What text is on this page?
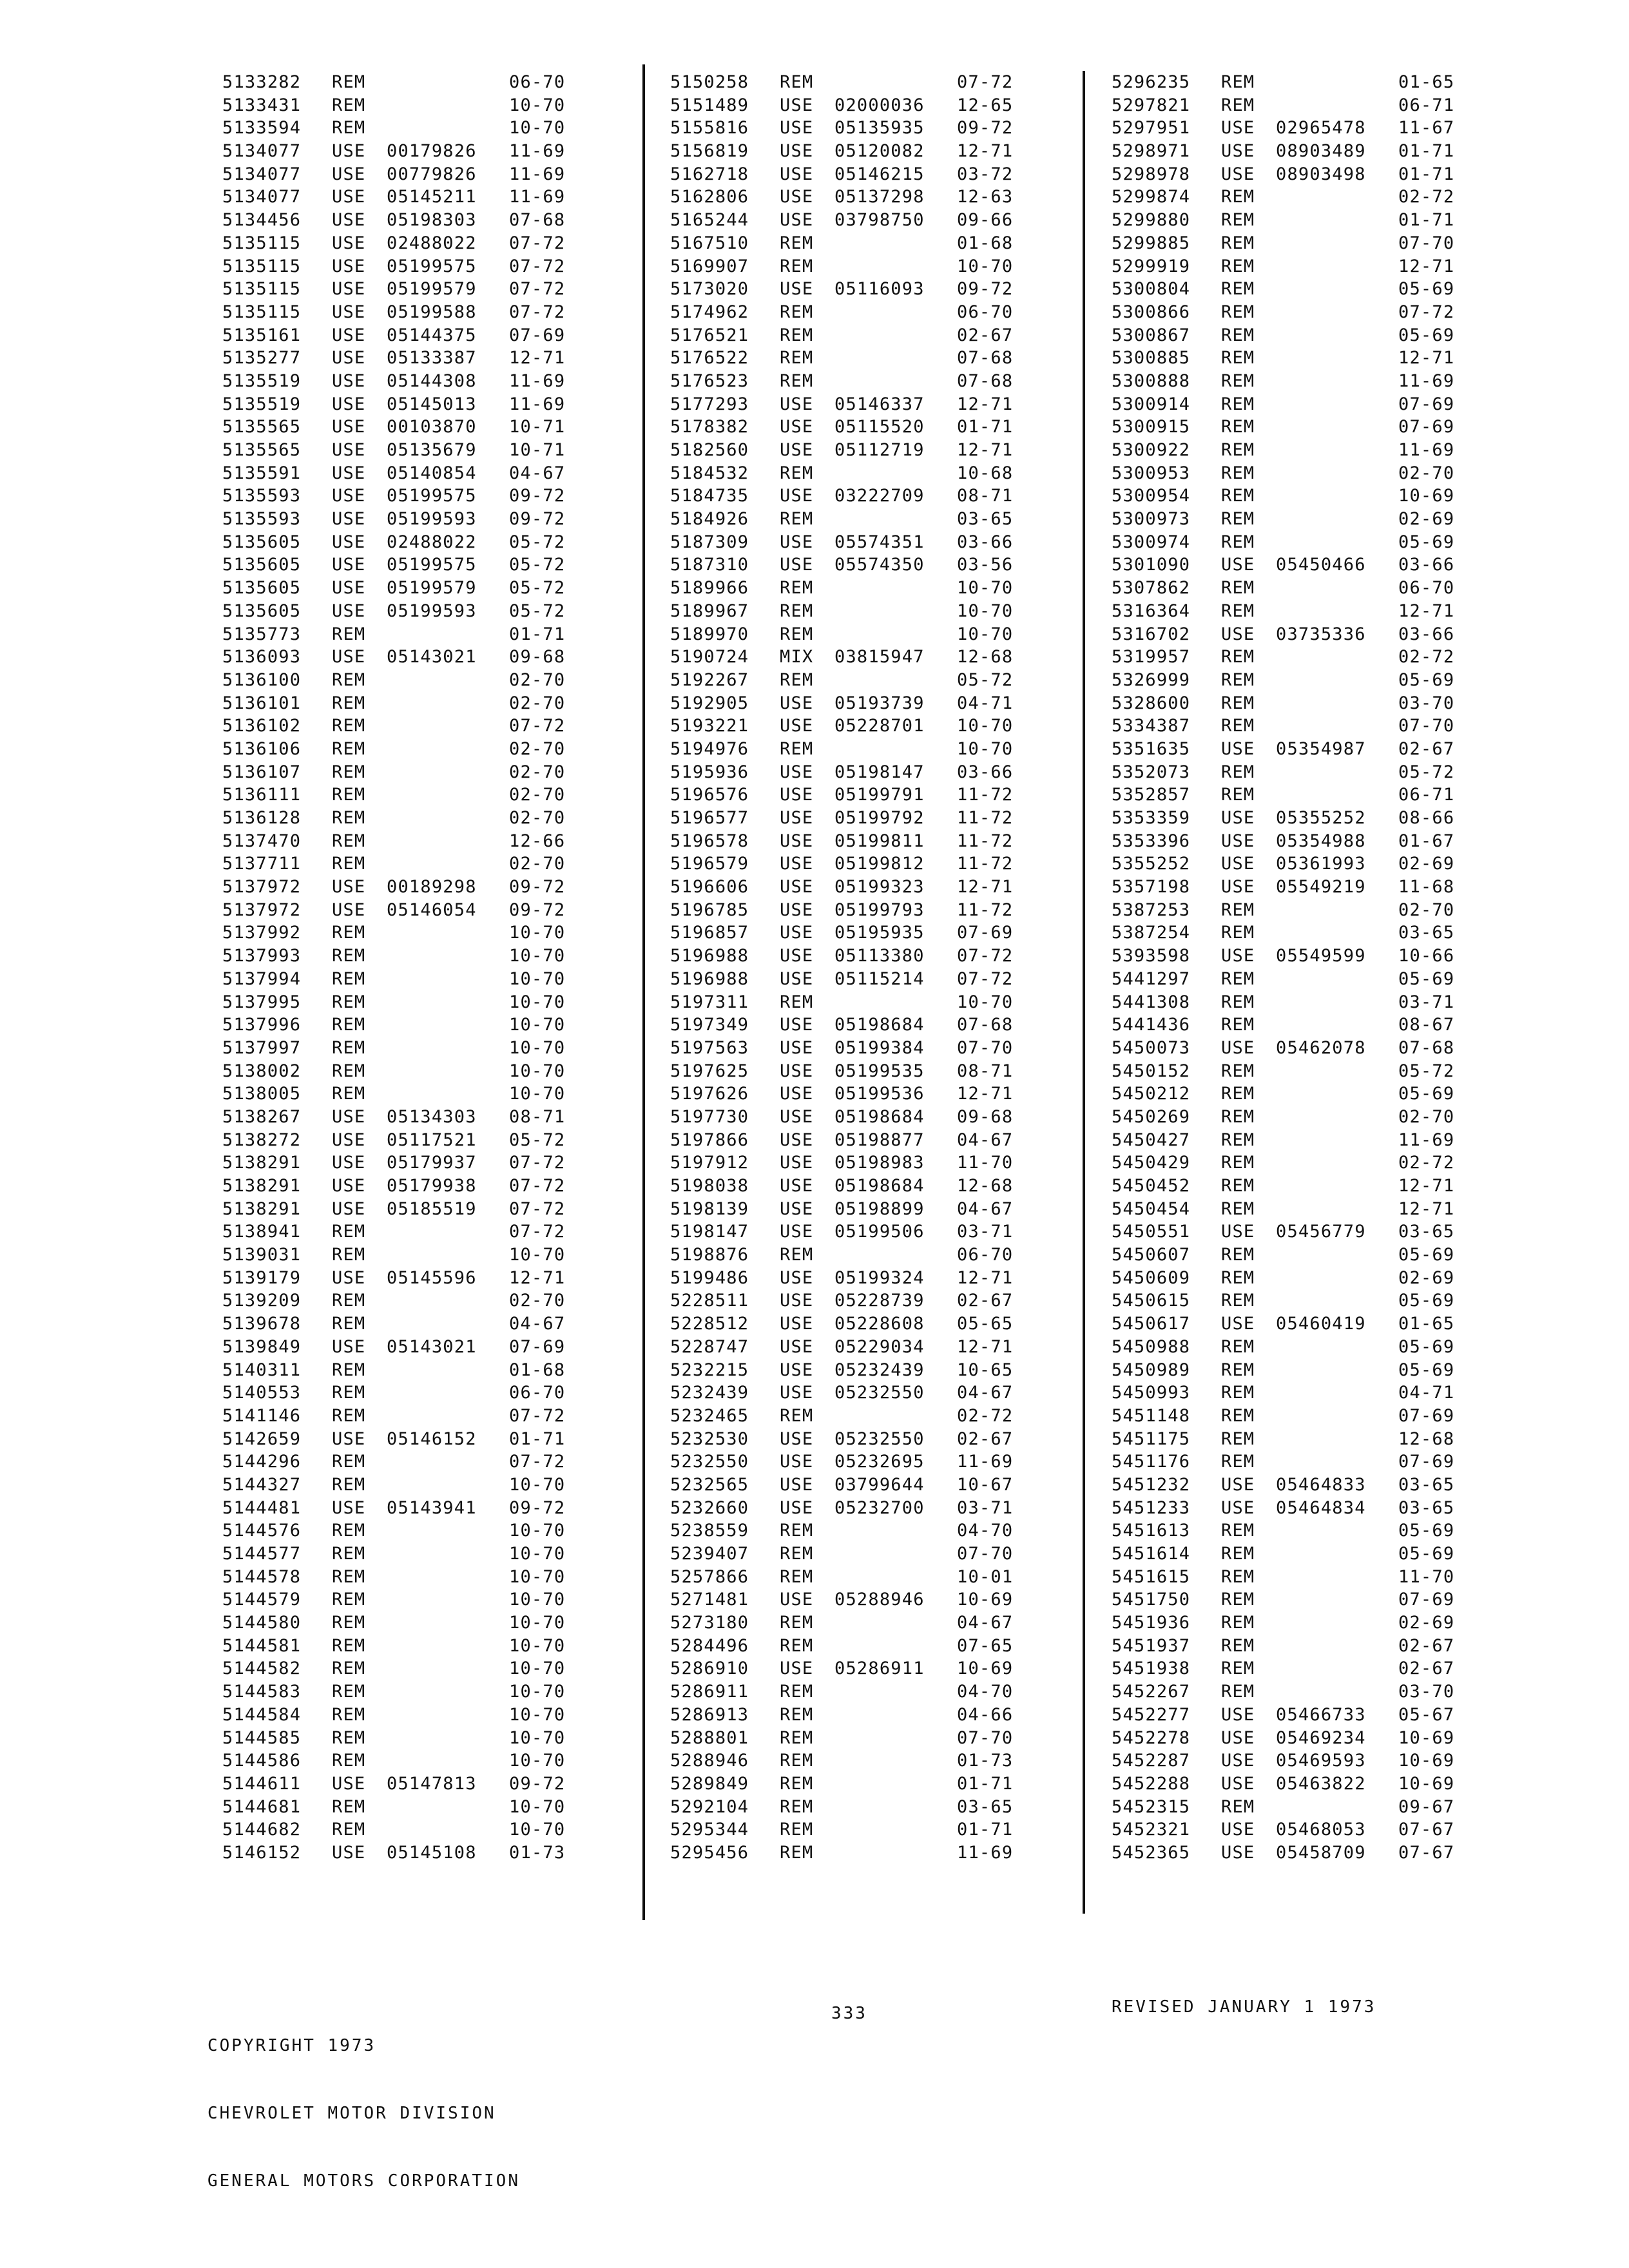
5133282 REM	06-70
5133431 REM	10-70
5133594 REM	10-70
5134077 USE 00179826 11-69
5134077 USE 00779826 11-69
5134077 USE 05145211 11-69
5134456 USE 05198303 07-68
5135115 USE 02488022 07-72
5135115 USE 05199575 07-72
5135115 USE 05199579 07-72
5135115 USE 05199588 07-72
5135161 USE 05144375 07-69
5135277 USE 05133387 12-71
5135519 USE 05144308 11-69
5135519 USE 05145013 11-69
5135565 USE 00103870 10-71
5135565 USE 05135679 10-71
5135591 USE 05140854 04-67
5135593 USE 05199575 09-72
5135593 USE 05199593 09-72
5135605 USE 02488022 05-72
5135605 USE 05199575 05-72
5135605 USE 05199579 05-72
5135605 USE 05199593 05-72
5135773 REM	01-71
5136093 USE 05143021 09-68
5136100 REM	02-70
5136101 REM	02-70
5136102 REM	07-72
5136106 REM	02-70
5136107 REM	02-70
5136111 REM	02-70
5136128 REM	02-70
5137470 REM	12-66
5137711 REM	02-70
5137972 USE 00189298 09-72
5137972 USE 05146054 09-72
5137992 REM	10-70
5137993 REM	10-70
5137994 REM	10-70
5137995 REM	10-70
5137996 REM	10-70
5137997 REM	10-70
5138002 REM	10-70
5138005 REM	10-70
5138267 USE 05134303 08-71
5138272 USE 05117521 05-72
5138291 USE 05179937 07-72
5138291 USE 05179938 07-72
5138291 USE 05185519 07-72
5138941 REM	07-72
5139031 REM	10-70
5139179 USE 05145596 12-71
5139209 REM	02-70
5139678 REM	04-67
5139849 USE 05143021 07-69
5140311 REM	01-68
5140553 REM	06-70
5141146 REM	07-72
5142659 USE 05146152 01-71
5144296 REM	07-72
5144327 REM	10-70
5144481 USE 05143941 09-72
5144576 REM	10-70
5144577 REM	10-70
5144578 REM	10-70
5144579 REM	10-70
5144580 REM	10-70
5144581 REM	10-70
5144582 REM	10-70
5144583 REM	10-70
5144584 REM	10-70
5144585 REM	10-70
5144586 REM	10-70
5144611 USE 05147813 09-72
5144681 REM	10-70
5144682 REM	10-70
5146152 USE 05145108 01-73
5150258 REM	07-72
5151489 USE 02000036 12-65
5155816 USE 05135935 09-72
5156819 USE 05120082 12-71
5162718 USE 05146215 03-72
5162806 USE 05137298 12-63
5165244 USE 03798750 09-66
5167510 REM	01-68
5169907 REM	10-70
5173020 USE 05116093 09-72
5174962 REM	06-70
5176521 REM	02-67
5176522 REM	07-68
5176523 REM	07-68
5177293 USE 05146337 12-71
5178382 USE 05115520 01-71
5182560 USE 05112719 12-71
5184532 REM	10-68
5184735 USE 03222709 08-71
5184926 REM	03-65
5187309 USE 05574351 03-66
5187310 USE 05574350 03-56
5189966 REM	10-70
5189967 REM	10-70
5189970 REM	10-70
5190724 MIX 03815947 12-68
5192267 REM	05-72
5192905 USE 05193739 04-71
5193221 USE 05228701 10-70
5194976 REM	10-70
5195936 USE 05198147 03-66
5196576 USE 05199791 11-72
5196577 USE 05199792 11-72
5196578 USE 05199811 11-72
5196579 USE 05199812 11-72
5196606 USE 05199323 12-71
5196785 USE 05199793 11-72
5196857 USE 05195935 07-69
5196988 USE 05113380 07-72
5196988 USE 05115214 07-72
5197311 REM	10-70
5197349 USE 05198684 07-68
5197563 USE 05199384 07-70
5197625 USE 05199535 08-71
5197626 USE 05199536 12-71
5197730 USE 05198684 09-68
5197866 USE 05198877 04-67
5197912 USE 05198983 11-70
5198038 USE 05198684 12-68
5198139 USE 05198899 04-67
5198147 USE 05199506 03-71
5198876 REM	06-70
5199486 USE 05199324 12-71
5228511 USE 05228739 02-67
5228512 USE 05228608 05-65
5228747 USE 05229034 12-71
5232215 USE 05232439 10-65
5232439 USE 05232550 04-67
5232465 REM	02-72
5232530 USE 05232550 02-67
5232550 USE 05232695 11-69
5232565 USE 03799644 10-67
5232660 USE 05232700 03-71
5238559 REM	04-70
5239407 REM	07-70
5257866 REM	10-01
5271481 USE 05288946 10-69
5273180 REM	04-67
5284496 REM	07-65
5286910 USE 05286911 10-69
5286911 REM	04-70
5286913 REM	04-66
5288801 REM	07-70
5288946 REM	01-73
5289849 REM	01-71
5292104 REM	03-65
5295344 REM	01-71
5295456 REM	11-69
5296235 REM	01-65
5297821 REM	06-71
5297951 USE 02965478 11-67
5298971 USE 08903489 01-71
5298978 USE 08903498 01-71
5299874 REM	02-72
5299880 REM	01-71
5299885 REM	07-70
5299919 REM	12-71
5300804 REM	05-69
5300866 REM	07-72
5300867 REM	05-69
5300885 REM	12-71
5300888 REM	11-69
5300914 REM	07-69
5300915 REM	07-69
5300922 REM	11-69
5300953 REM	02-70
5300954 REM	10-69
5300973 REM	02-69
5300974 REM	05-69
5301090 USE 05450466 03-66
5307862 REM	06-70
5316364 REM	12-71
5316702 USE 03735336 03-66
5319957 REM	02-72
5326999 REM	05-69
5328600 REM	03-70
5334387 REM	07-70
5351635 USE 05354987 02-67
5352073 REM	05-72
5352857 REM	06-71
5353359 USE 05355252 08-66
5353396 USE 05354988 01-67
5355252 USE 05361993 02-69
5357198 USE 05549219 11-68
5387253 REM	02-70
5387254 REM	03-65
5393598 USE 05549599 10-66
5441297 REM	05-69
5441308 REM	03-71
5441436 REM	08-67
5450073 USE 05462078 07-68
5450152 REM	05-72
5450212 REM	05-69
5450269 REM	02-70
5450427 REM	11-69
5450429 REM	02-72
5450452 REM	12-71
5450454 REM	12-71
5450551 USE 05456779 03-65
5450607 REM	05-69
5450609 REM	02-69
5450615 REM	05-69
5450617 USE 05460419 01-65
5450988 REM	05-69
5450989 REM	05-69
5450993 REM	04-71
5451148 REM	07-69
5451175 REM	12-68
5451176 REM	07-69
5451232 USE 05464833 03-65
5451233 USE 05464834 03-65
5451613 REM	05-69
5451614 REM	05-69
5451615 REM	11-70
5451750 REM	07-69
5451936 REM	02-69
5451937 REM	02-67
5451938 REM	02-67
5452267 REM	03-70
5452277 USE 05466733 05-67
5452278 USE 05469234 10-69
5452287 USE 05469593 10-69
5452288 USE 05463822 10-69
5452315 REM	09-67
5452321 USE 05468053 07-67
5452365 USE 05458709 07-67

COPYRIGHT 1973

CHEVROLET MOTOR DIVISION

GENERAL MOTORS CORPORATION

333	REVISED JANUARY 1 1973
